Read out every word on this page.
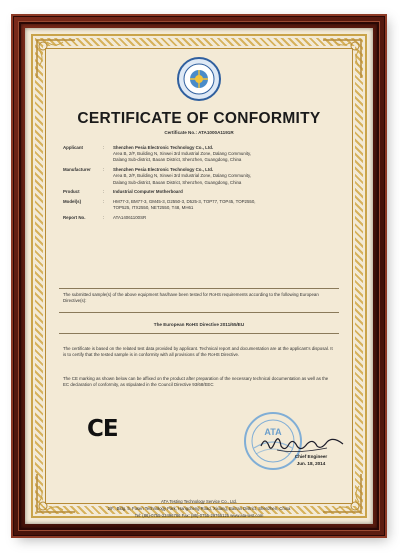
CERTIFICATE OF CONFORMITY
Certificate No.: ATA1000A1191R
Applicant	:	Shenzhen Pesia Electronic Technology Co., Ltd.
Area B, 2/F, Building N, Xinwei 3rd Industrial Zone, Dalang Community,
Dalang Sub-district, Baoan District, Shenzhen, Guangdong, China
Manufacturer	:	Shenzhen Pesia Electronic Technology Co., Ltd.
Area B, 2/F, Building N, Xinwei 3rd Industrial Zone, Dalang Community,
Dalang Sub-district, Baoan District, Shenzhen, Guangdong, China
Product	:	Industrial Computer Motherboard
Model(s)	:	HM77-3, BM77-3, GM45-3, D2550-3, D525-3, TOP77, TOP45, TOP2550,
TOP525, ITX2550, NET2550, T48, MH61
Report No.	:	ATA14061100SR
The submitted sample(s) of the above equipment has/have been tested for RoHS requirements according to the following European Directive(s):
The European RoHS Directive 2011/65/EU
The certificate is based on the related test data provided by applicant. Technical report and documentation are at the applicant's disposal. It is to certify that the tested sample is in conformity with all provisions of the RoHS Directive.
The CE marking as shown below can be affixed on the product after preparation of the necessary technical documentation as well as the EC declaration of conformity, as stipulated in the Council Directive 93/68/EEC
CE	ATA
Chief Engineer
Jun. 18, 2014
ATA Testing Technology Service Co., Ltd.
2/F., Bldg. 5, Fusen Technology Park, Hangcheng Road, Xixiang, Bao'an District, Shenzhen, China
Tel: (86)-0755-23496786 Fax: (86)-0755-29765125 www.ata-test.com
